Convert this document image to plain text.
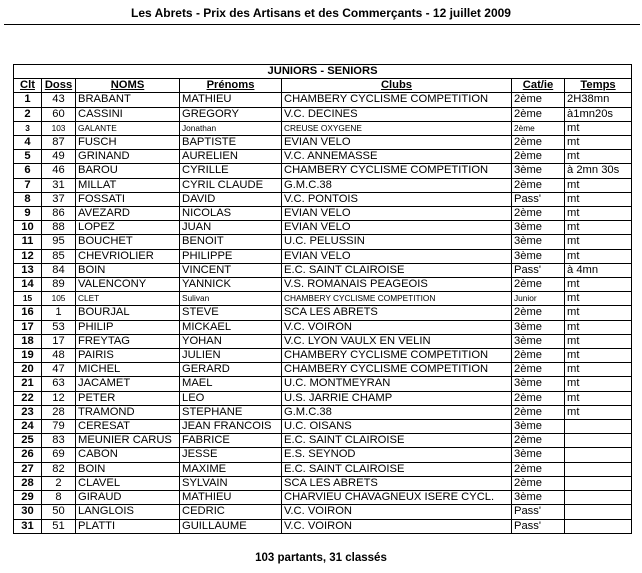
Les Abrets - Prix des Artisans et des Commerçants - 12 juillet 2009
JUNIORS - SENIORS						
Clt	Doss	NOMS	Prénoms	Clubs	Cat/ie	Temps
1	43	BRABANT	MATHIEU	CHAMBERY CYCLISME COMPETITION	2ème	2H38mn
2	60	CASSINI	GREGORY	V.C. DECINES	2ème	à1mn20s
3	103	GALANTE	Jonathan	CREUSE OXYGENE	2ème	mt
4	87	FUSCH	BAPTISTE	EVIAN VELO	2ème	mt
5	49	GRINAND	AURELIEN	V.C. ANNEMASSE	2ème	mt
6	46	BAROU	CYRILLE	CHAMBERY CYCLISME COMPETITION	3ème	à 2mn 30s
7	31	MILLAT	CYRIL CLAUDE	G.M.C.38	2ème	mt
8	37	FOSSATI	DAVID	V.C. PONTOIS	Pass'	mt
9	86	AVEZARD	NICOLAS	EVIAN VELO	2ème	mt
10	88	LOPEZ	JUAN	EVIAN VELO	3ème	mt
11	95	BOUCHET	BENOIT	U.C. PELUSSIN	3ème	mt
12	85	CHEVRIOLIER	PHILIPPE	EVIAN VELO	3ème	mt
13	84	BOIN	VINCENT	E.C. SAINT CLAIROISE	Pass'	à 4mn
14	89	VALENCONY	YANNICK	V.S. ROMANAIS PEAGEOIS	2ème	mt
15	105	CLET	Sulivan	CHAMBERY CYCLISME COMPETITION	Junior	mt
16	1	BOURJAL	STEVE	SCA LES ABRETS	2ème	mt
17	53	PHILIP	MICKAEL	V.C. VOIRON	3ème	mt
18	17	FREYTAG	YOHAN	V.C. LYON VAULX EN VELIN	3ème	mt
19	48	PAIRIS	JULIEN	CHAMBERY CYCLISME COMPETITION	2ème	mt
20	47	MICHEL	GERARD	CHAMBERY CYCLISME COMPETITION	2ème	mt
21	63	JACAMET	MAEL	U.C. MONTMEYRAN	3ème	mt
22	12	PETER	LEO	U.S. JARRIE CHAMP	2ème	mt
23	28	TRAMOND	STEPHANE	G.M.C.38	2ème	mt
24	79	CERESAT	JEAN FRANCOIS	U.C. OISANS	3ème	
25	83	MEUNIER CARUS	FABRICE	E.C. SAINT CLAIROISE	2ème	
26	69	CABON	JESSE	E.S. SEYNOD	3ème	
27	82	BOIN	MAXIME	E.C. SAINT CLAIROISE	2ème	
28	2	CLAVEL	SYLVAIN	SCA LES ABRETS	2ème	
29	8	GIRAUD	MATHIEU	CHARVIEU CHAVAGNEUX ISERE CYCL.	3ème	
30	50	LANGLOIS	CEDRIC	V.C. VOIRON	Pass'	
31	51	PLATTI	GUILLAUME	V.C. VOIRON	Pass'	
103 partants, 31 classés
